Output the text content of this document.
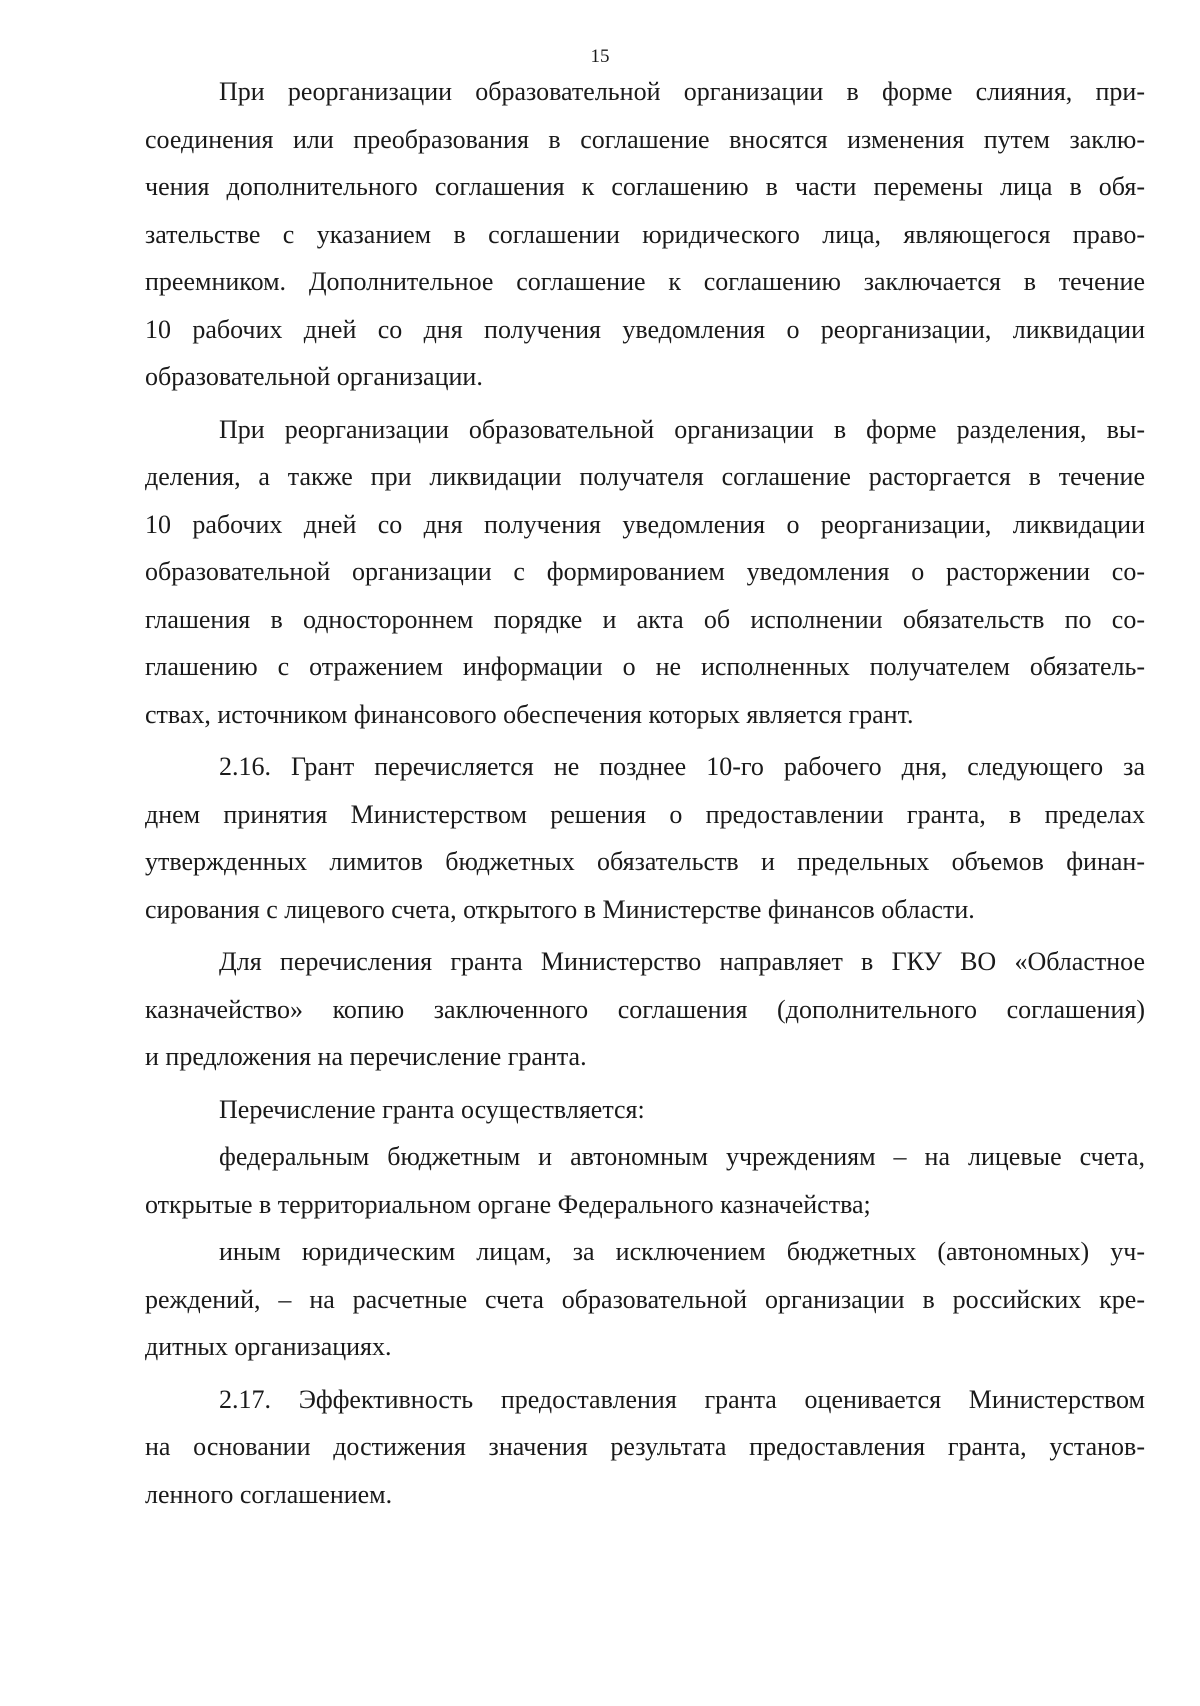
15
При реорганизации образовательной организации в форме слияния, при-
соединения или преобразования в соглашение вносятся изменения путем заклю-
чения дополнительного соглашения к соглашению в части перемены лица в обя-
зательстве с указанием в соглашении юридического лица, являющегося право-
преемником. Дополнительное соглашение к соглашению заключается в течение
10 рабочих дней со дня получения уведомления о реорганизации, ликвидации
образовательной организации.
При реорганизации образовательной организации в форме разделения, вы-
деления, а также при ликвидации получателя соглашение расторгается в течение
10 рабочих дней со дня получения уведомления о реорганизации, ликвидации
образовательной организации с формированием уведомления о расторжении со-
глашения в одностороннем порядке и акта об исполнении обязательств по со-
глашению с отражением информации о не исполненных получателем обязатель-
ствах, источником финансового обеспечения которых является грант.
2.16. Грант перечисляется не позднее 10-го рабочего дня, следующего за
днем принятия Министерством решения о предоставлении гранта, в пределах
утвержденных лимитов бюджетных обязательств и предельных объемов финан-
сирования с лицевого счета, открытого в Министерстве финансов области.
Для перечисления гранта Министерство направляет в ГКУ ВО «Областное
казначейство» копию заключенного соглашения (дополнительного соглашения)
и предложения на перечисление гранта.
Перечисление гранта осуществляется:
федеральным бюджетным и автономным учреждениям – на лицевые счета,
открытые в территориальном органе Федерального казначейства;
иным юридическим лицам, за исключением бюджетных (автономных) уч-
реждений, – на расчетные счета образовательной организации в российских кре-
дитных организациях.
2.17. Эффективность предоставления гранта оценивается Министерством
на основании достижения значения результата предоставления гранта, установ-
ленного соглашением.
